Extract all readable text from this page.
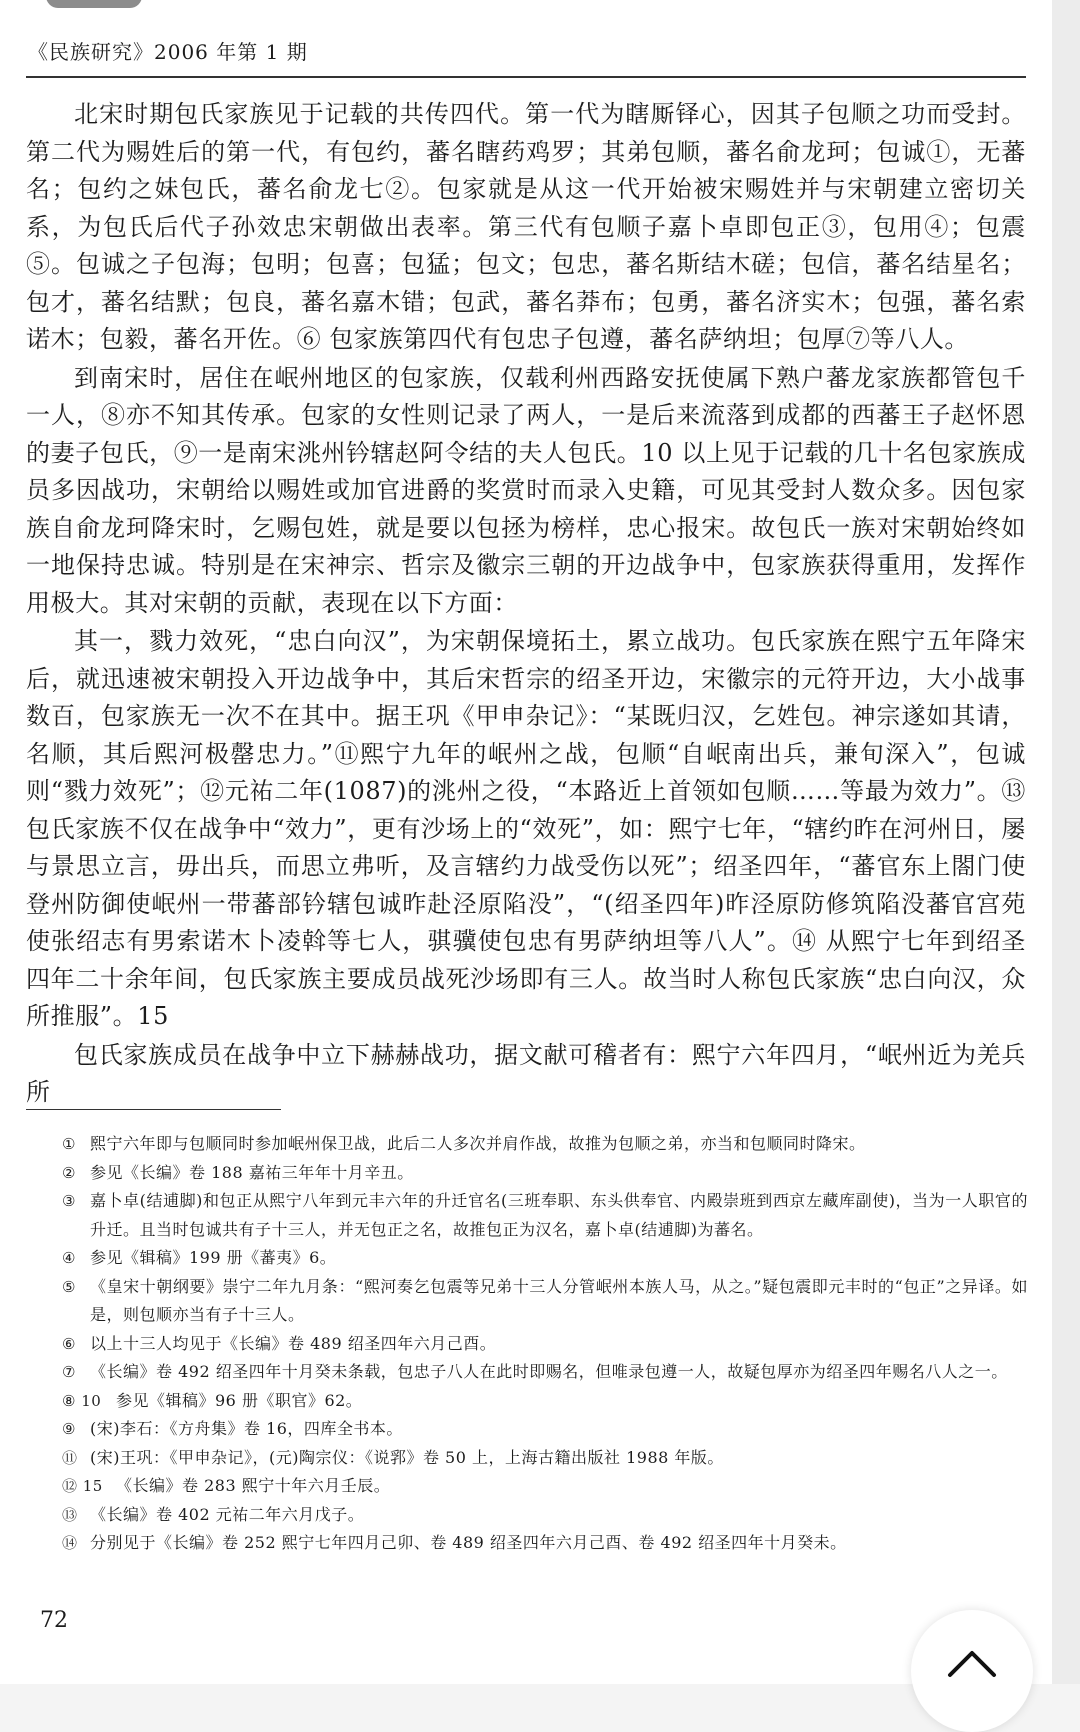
《民族研究》2006 年第 1 期

北宋时期包氏家族见于记载的共传四代。第一代为瞎厮铎心，因其子包顺之功而受封。第二代为赐姓后的第一代，有包约，蕃名瞎药鸡罗；其弟包顺，蕃名俞龙珂；包诚①，无蕃名；包约之妹包氏，蕃名俞龙七②。包家就是从这一代开始被宋赐姓并与宋朝建立密切关系，为包氏后代子孙效忠宋朝做出表率。第三代有包顺子嘉卜卓即包正③，包用④；包震⑤。包诚之子包海；包明；包喜；包猛；包文；包忠，蕃名斯结木磋；包信，蕃名结星名；包才，蕃名结默；包良，蕃名嘉木错；包武，蕃名莽布；包勇，蕃名济实木；包强，蕃名索诺木；包毅，蕃名开佐。⑥ 包家族第四代有包忠子包遵，蕃名萨纳坦；包厚⑦等八人。

到南宋时，居住在岷州地区的包家族，仅载利州西路安抚使属下熟户蕃龙家族都管包千一人，⑧亦不知其传承。包家的女性则记录了两人，一是后来流落到成都的西蕃王子赵怀恩的妻子包氏，⑨一是南宋洮州钤辖赵阿令结的夫人包氏。10 以上见于记载的几十名包家族成员多因战功，宋朝给以赐姓或加官进爵的奖赏时而录入史籍，可见其受封人数众多。因包家族自俞龙珂降宋时，乞赐包姓，就是要以包拯为榜样，忠心报宋。故包氏一族对宋朝始终如一地保持忠诚。特别是在宋神宗、哲宗及徽宗三朝的开边战争中，包家族获得重用，发挥作用极大。其对宋朝的贡献，表现在以下方面：

其一，戮力效死，“忠白向汉”，为宋朝保境拓土，累立战功。包氏家族在熙宁五年降宋后，就迅速被宋朝投入开边战争中，其后宋哲宗的绍圣开边，宋徽宗的元符开边，大小战事数百，包家族无一次不在其中。据王巩《甲申杂记》：“某既归汉，乞姓包。神宗遂如其请，名顺，其后熙河极罄忠力。”⑪熙宁九年的岷州之战，包顺“自岷南出兵，兼旬深入”，包诚则“戮力效死”；⑫元祐二年(1087)的洮州之役，“本路近上首领如包顺……等最为效力”。⑬ 包氏家族不仅在战争中“效力”，更有沙场上的“效死”，如：熙宁七年，“辖约昨在河州日，屡与景思立言，毋出兵，而思立弗听，及言辖约力战受伤以死”；绍圣四年，“蕃官东上閤门使登州防御使岷州一带蕃部钤辖包诚昨赴泾原陷没”，“(绍圣四年)昨泾原防修筑陷没蕃官宫苑使张绍志有男索诺木卜凌斡等七人，骐骥使包忠有男萨纳坦等八人”。⑭ 从熙宁七年到绍圣四年二十余年间，包氏家族主要成员战死沙场即有三人。故当时人称包氏家族“忠白向汉，众所推服”。15

包氏家族成员在战争中立下赫赫战功，据文献可稽者有：熙宁六年四月，“岷州近为羌兵所

① 熙宁六年即与包顺同时参加岷州保卫战，此后二人多次并肩作战，故推为包顺之弟，亦当和包顺同时降宋。
② 参见《长编》卷 188 嘉祐三年年十月辛丑。
③ 嘉卜卓(结逋脚)和包正从熙宁八年到元丰六年的升迁官名(三班奉职、东头供奉官、内殿崇班到西京左藏库副使)，当为一人职官的升迁。且当时包诚共有子十三人，并无包正之名，故推包正为汉名，嘉卜卓(结逋脚)为蕃名。
④ 参见《辑稿》199 册《蕃夷》6。
⑤ 《皇宋十朝纲要》崇宁二年九月条：“熙河奏乞包震等兄弟十三人分管岷州本族人马，从之。”疑包震即元丰时的“包正”之异译。如是，则包顺亦当有子十三人。
⑥ 以上十三人均见于《长编》卷 489 绍圣四年六月己酉。
⑦ 《长编》卷 492 绍圣四年十月癸未条载，包忠子八人在此时即赐名，但唯录包遵一人，故疑包厚亦为绍圣四年赐名八人之一。
⑧ 10 参见《辑稿》96 册《职官》62。
⑨ (宋)李石：《方舟集》卷 16，四库全书本。
⑪ (宋)王巩：《甲申杂记》，(元)陶宗仪：《说郛》卷 50 上，上海古籍出版社 1988 年版。
⑫ 15 《长编》卷 283 熙宁十年六月壬辰。
⑬ 《长编》卷 402 元祐二年六月戊子。
⑭ 分别见于《长编》卷 252 熙宁七年四月己卯、卷 489 绍圣四年六月己酉、卷 492 绍圣四年十月癸未。
72
